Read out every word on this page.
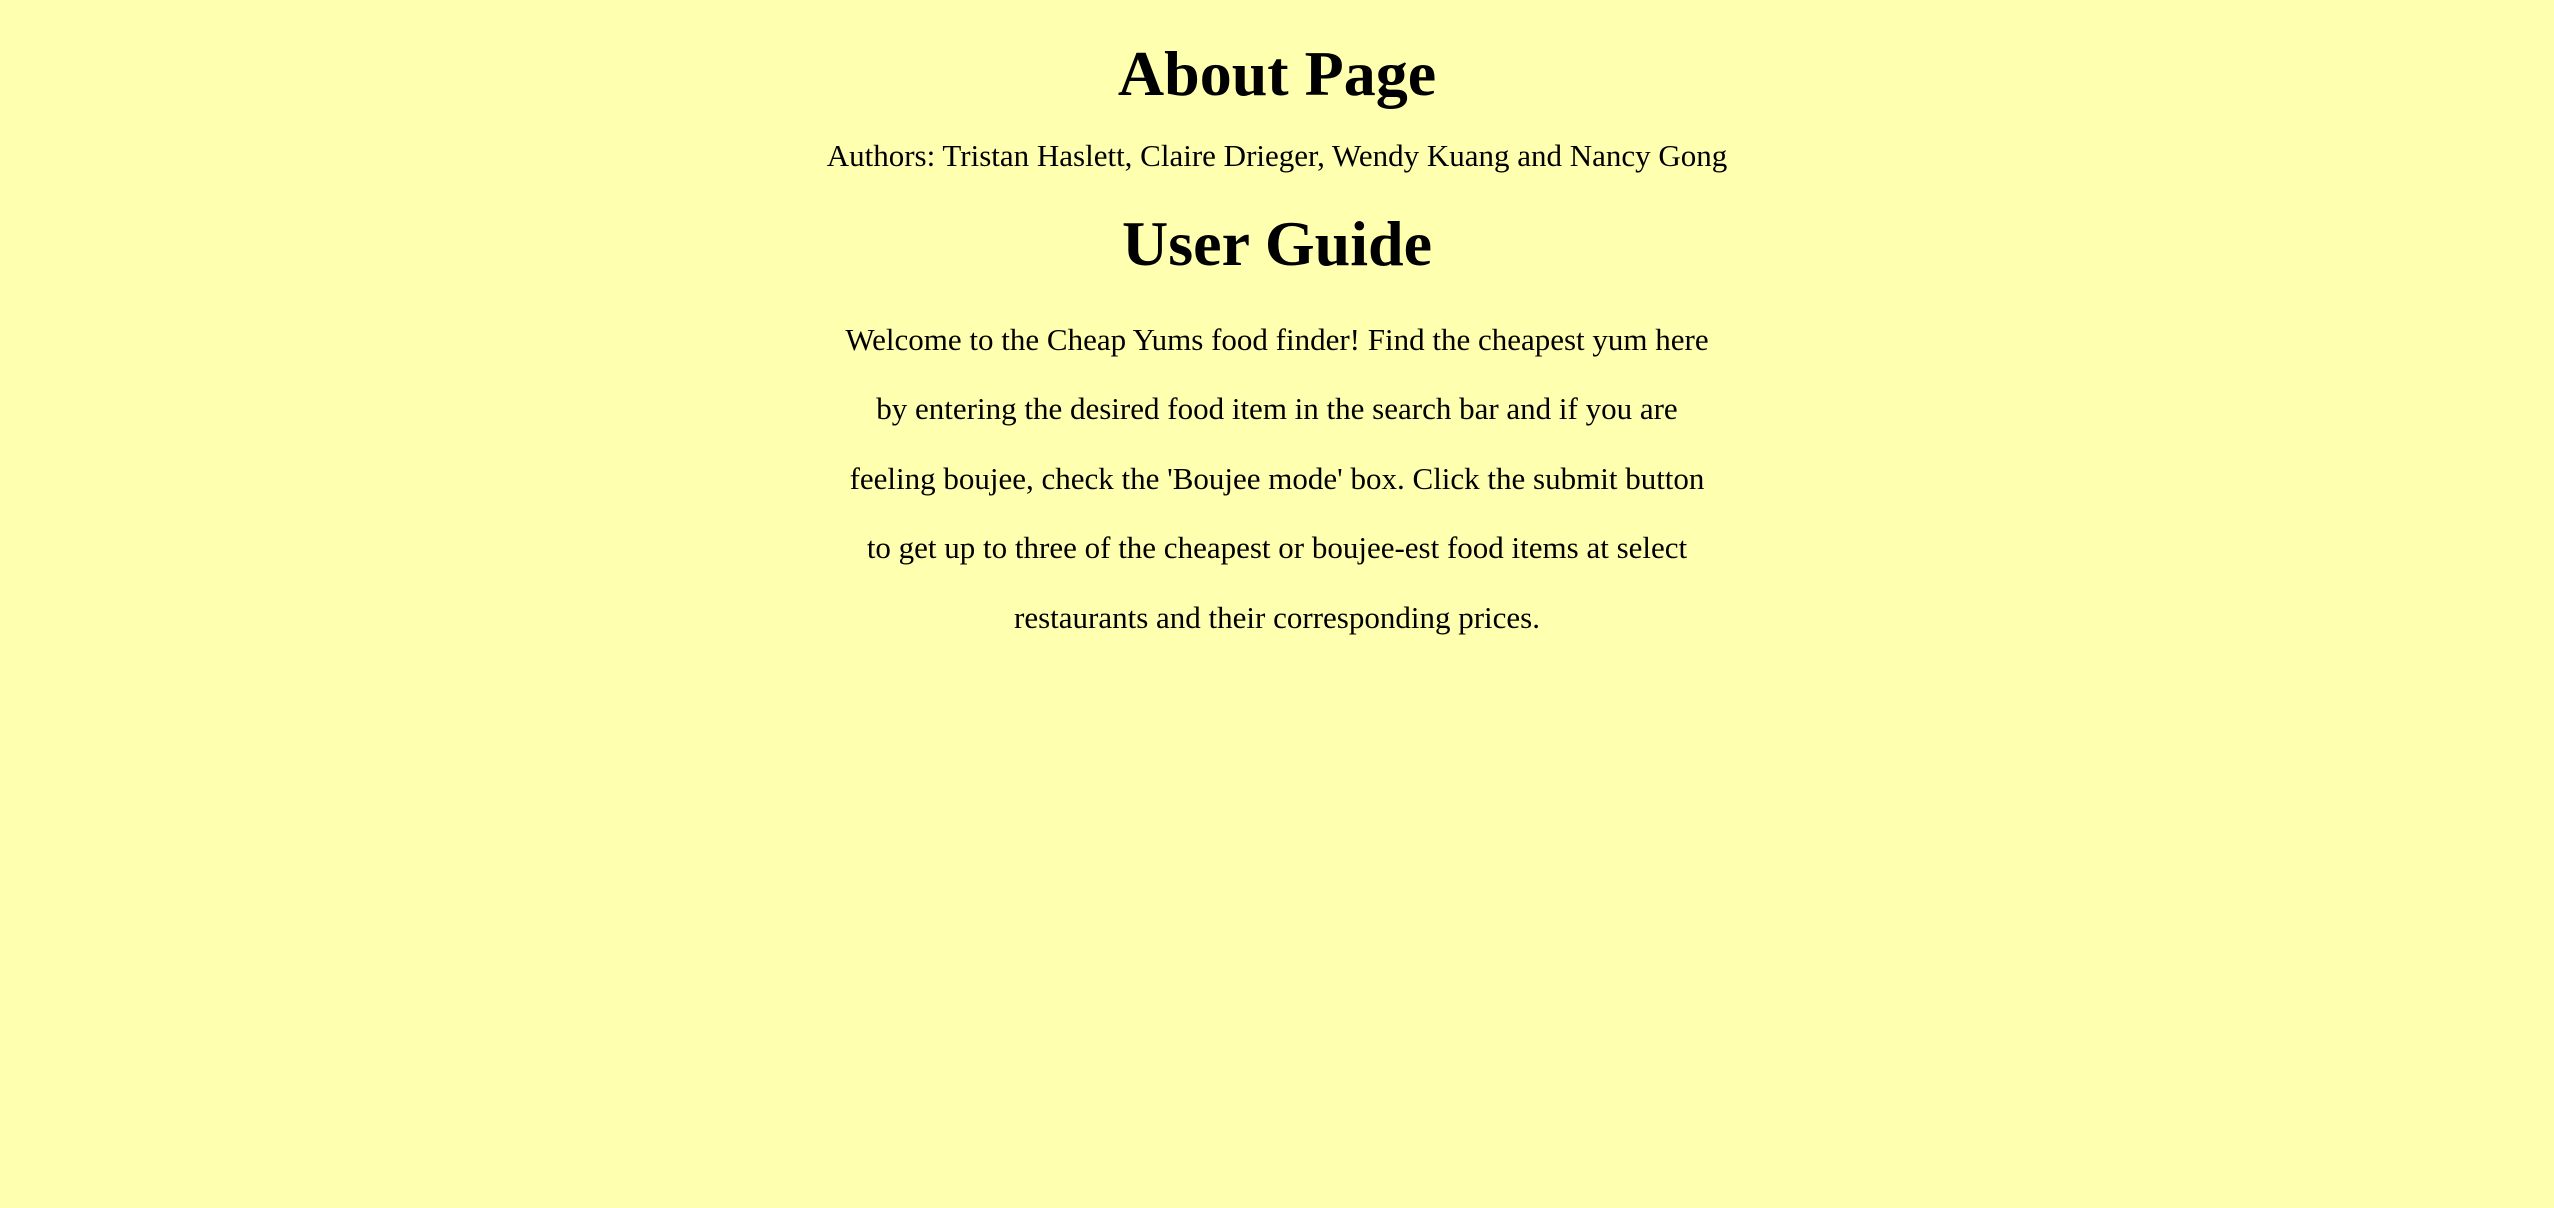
About Page

Authors: Tristan Haslett, Claire Drieger, Wendy Kuang and Nancy Gong

User Guide

Welcome to the Cheap Yums food finder! Find the cheapest yum here
by entering the desired food item in the search bar and if you are
feeling boujee, check the 'Boujee mode' box. Click the submit button
to get up to three of the cheapest or boujee-est food items at select
restaurants and their corresponding prices.
